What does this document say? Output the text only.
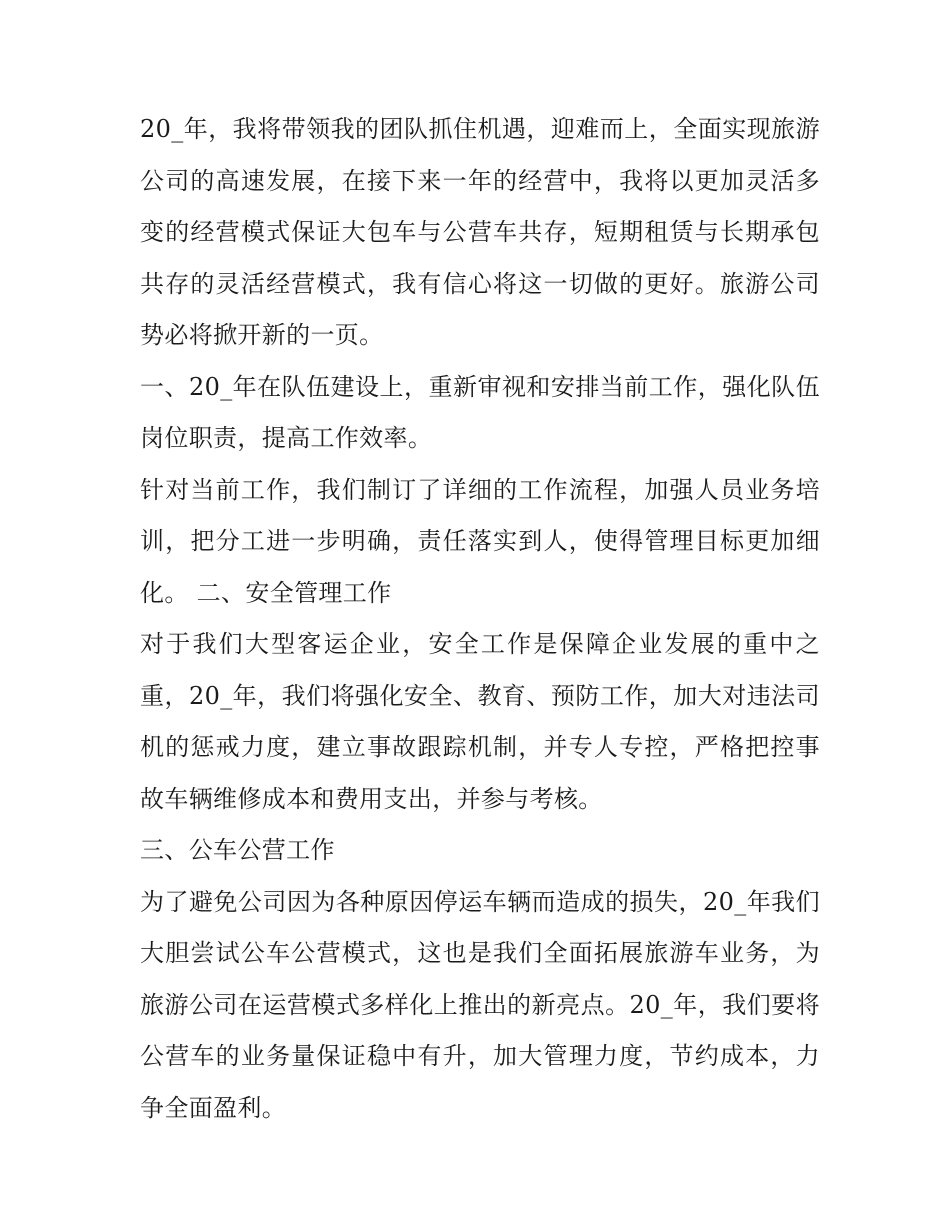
20_年，我将带领我的团队抓住机遇，迎难而上，全面实现旅游公司的高速发展，在接下来一年的经营中，我将以更加灵活多变的经营模式保证大包车与公营车共存，短期租赁与长期承包共存的灵活经营模式，我有信心将这一切做的更好。旅游公司势必将掀开新的一页。

一、20_年在队伍建设上，重新审视和安排当前工作，强化队伍岗位职责，提高工作效率。

针对当前工作，我们制订了详细的工作流程，加强人员业务培训，把分工进一步明确，责任落实到人，使得管理目标更加细化。 二、安全管理工作

对于我们大型客运企业，安全工作是保障企业发展的重中之重，20_年，我们将强化安全、教育、预防工作，加大对违法司机的惩戒力度，建立事故跟踪机制，并专人专控，严格把控事故车辆维修成本和费用支出，并参与考核。

三、公车公营工作

为了避免公司因为各种原因停运车辆而造成的损失，20_年我们大胆尝试公车公营模式，这也是我们全面拓展旅游车业务，为旅游公司在运营模式多样化上推出的新亮点。20_年，我们要将公营车的业务量保证稳中有升，加大管理力度，节约成本，力争全面盈利。
